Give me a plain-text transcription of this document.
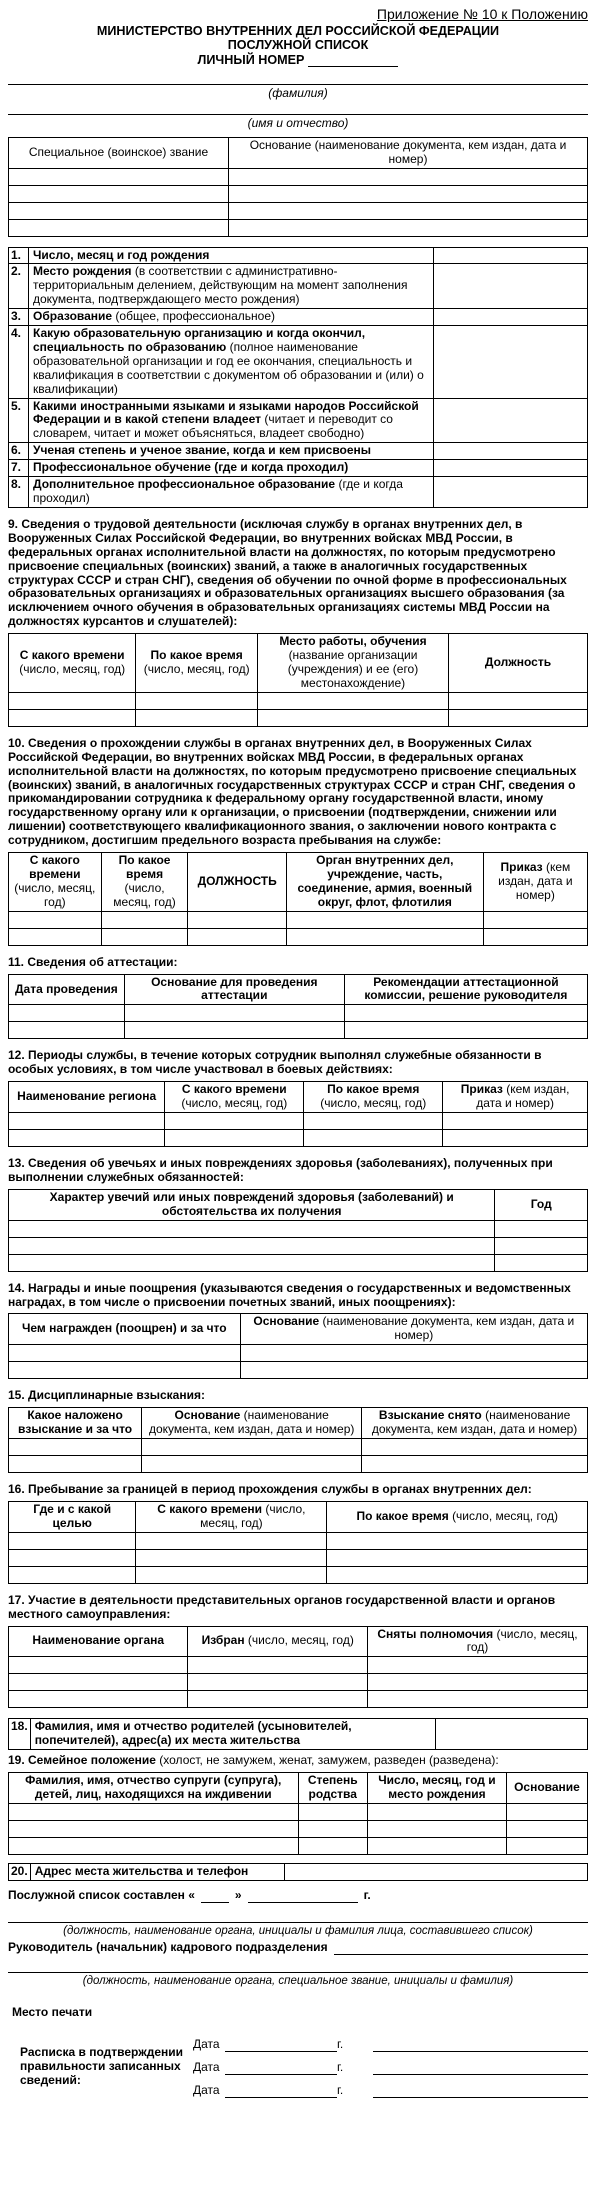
Приложение № 10 к Положению
МИНИСТЕРСТВО ВНУТРЕННИХ ДЕЛ РОССИЙСКОЙ ФЕДЕРАЦИИ
ПОСЛУЖНОЙ СПИСОК
ЛИЧНЫЙ НОМЕР
(фамилия)
(имя и отчество)
Специальное (воинское) звание	Основание (наименование документа, кем издан, дата и номер)

1.	Число, месяц и год рождения	
2.	Место рождения (в соответствии с административно-территориальным делением, действующим на момент заполнения документа, подтверждающего место рождения)	
3.	Образование (общее, профессиональное)	
4.	Какую образовательную организацию и когда окончил, специальность по образованию (полное наименование образовательной организации и год ее окончания, специальность и квалификация в соответствии с документом об образовании и (или) о квалификации)	
5.	Какими иностранными языками и языками народов Российской Федерации и в какой степени владеет (читает и переводит со словарем, читает и может объясняться, владеет свободно)	
6.	Ученая степень и ученое звание, когда и кем присвоены	
7.	Профессиональное обучение (где и когда проходил)	
8.	Дополнительное профессиональное образование (где и когда проходил)	
9. Сведения о трудовой деятельности (исключая службу в органах внутренних дел, в Вооруженных Силах Российской Федерации, во внутренних войсках МВД России, в федеральных органах исполнительной власти на должностях, по которым предусмотрено присвоение специальных (воинских) званий, а также в аналогичных государственных структурах СССР и стран СНГ), сведения об обучении по очной форме в профессиональных образовательных организациях и образовательных организациях высшего образования (за исключением очного обучения в образовательных организациях системы МВД России на должностях курсантов и слушателей):
С какого времени (число, месяц, год)	По какое время (число, месяц, год)	Место работы, обучения (название организации (учреждения) и ее (его) местонахождение)	Должность

10. Сведения о прохождении службы в органах внутренних дел, в Вооруженных Силах Российской Федерации, во внутренних войсках МВД России, в федеральных органах исполнительной власти на должностях, по которым предусмотрено присвоение специальных (воинских) званий, в аналогичных государственных структурах СССР и стран СНГ, сведения о прикомандировании сотрудника к федеральному органу государственной власти, иному государственному органу или к организации, о присвоении (подтверждении, снижении или лишении) соответствующего квалификационного звания, о заключении нового контракта с сотрудником, достигшим предельного возраста пребывания на службе:
С какого времени (число, месяц, год)	По какое время (число, месяц, год)	ДОЛЖНОСТЬ	Орган внутренних дел, учреждение, часть, соединение, армия, военный округ, флот, флотилия	Приказ (кем издан, дата и номер)

11. Сведения об аттестации:
Дата проведения	Основание для проведения аттестации	Рекомендации аттестационной комиссии, решение руководителя

12. Периоды службы, в течение которых сотрудник выполнял служебные обязанности в особых условиях, в том числе участвовал в боевых действиях:
Наименование региона	С какого времени (число, месяц, год)	По какое время (число, месяц, год)	Приказ (кем издан, дата и номер)

13. Сведения об увечьях и иных повреждениях здоровья (заболеваниях), полученных при выполнении служебных обязанностей:
Характер увечий или иных повреждений здоровья (заболеваний) и обстоятельства их получения	Год

14. Награды и иные поощрения (указываются сведения о государственных и ведомственных наградах, в том числе о присвоении почетных званий, иных поощрениях):
Чем награжден (поощрен) и за что	Основание (наименование документа, кем издан, дата и номер)

15. Дисциплинарные взыскания:
Какое наложено взыскание и за что	Основание (наименование документа, кем издан, дата и номер)	Взыскание снято (наименование документа, кем издан, дата и номер)

16. Пребывание за границей в период прохождения службы в органах внутренних дел:
Где и с какой целью	С какого времени (число, месяц, год)	По какое время (число, месяц, год)

17. Участие в деятельности представительных органов государственной власти и органов местного самоуправления:
Наименование органа	Избран (число, месяц, год)	Сняты полномочия (число, месяц, год)

18.	Фамилия, имя и отчество родителей (усыновителей, попечителей), адрес(а) их места жительства	
19. Семейное положение (холост, не замужем, женат, замужем, разведен (разведена):
Фамилия, имя, отчество супруги (супруга), детей, лиц, находящихся на иждивении	Степень родства	Число, месяц, год и место рождения	Основание

20.	Адрес места жительства и телефон	
Послужной список составлен «	»	г.
(должность, наименование органа, инициалы и фамилия лица, составившего список)
Руководитель (начальник) кадрового подразделения
(должность, наименование органа, специальное звание, инициалы и фамилия)
Место печати
Расписка в подтверждении правильности записанных сведений:
Дата	г.
Дата	г.
Дата	г.
